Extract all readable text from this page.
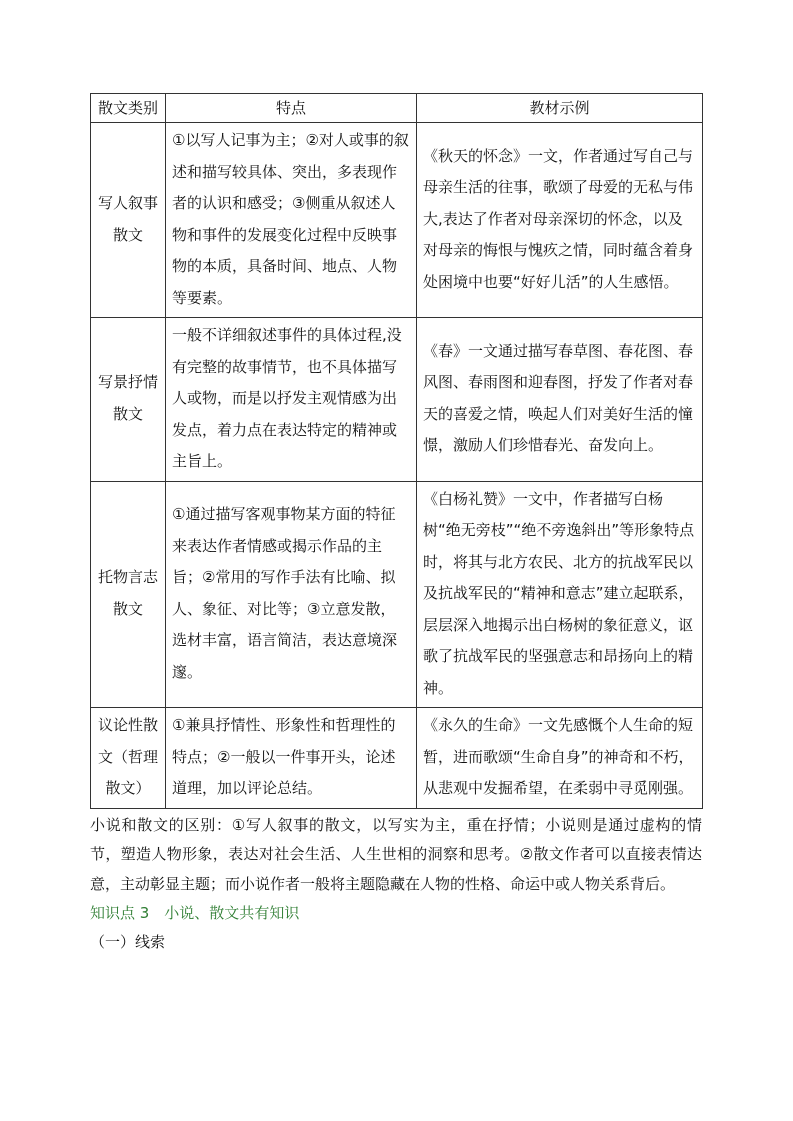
散文类别	特点	教材示例
写人叙事散文	①以写人记事为主；②对人或事的叙述和描写较具体、突出，多表现作者的认识和感受；③侧重从叙述人物和事件的发展变化过程中反映事物的本质，具备时间、地点、人物等要素。	《秋天的怀念》一文，作者通过写自己与母亲生活的往事，歌颂了母爱的无私与伟大,表达了作者对母亲深切的怀念，以及对母亲的悔恨与愧疚之情，同时蕴含着身处困境中也要“好好儿活”的人生感悟。
写景抒情散文	一般不详细叙述事件的具体过程,没有完整的故事情节，也不具体描写人或物，而是以抒发主观情感为出发点，着力点在表达特定的精神或主旨上。	《春》一文通过描写春草图、春花图、春风图、春雨图和迎春图，抒发了作者对春天的喜爱之情，唤起人们对美好生活的憧憬，激励人们珍惜春光、奋发向上。
托物言志散文	①通过描写客观事物某方面的特征来表达作者情感或揭示作品的主旨；②常用的写作手法有比喻、拟人、象征、对比等；③立意发散，选材丰富，语言简洁，表达意境深邃。	《白杨礼赞》一文中，作者描写白杨树“绝无旁枝”“绝不旁逸斜出”等形象特点时，将其与北方农民、北方的抗战军民以及抗战军民的“精神和意志”建立起联系，层层深入地揭示出白杨树的象征意义，讴歌了抗战军民的坚强意志和昂扬向上的精神。
议论性散文（哲理散文）	①兼具抒情性、形象性和哲理性的特点；②一般以一件事开头，论述道理，加以评论总结。	《永久的生命》一文先感慨个人生命的短暂，进而歌颂“生命自身”的神奇和不朽，从悲观中发掘希望，在柔弱中寻觅刚强。

小说和散文的区别：①写人叙事的散文，以写实为主，重在抒情；小说则是通过虚构的情节，塑造人物形象，表达对社会生活、人生世相的洞察和思考。②散文作者可以直接表情达意，主动彰显主题；而小说作者一般将主题隐藏在人物的性格、命运中或人物关系背后。

知识点 3　小说、散文共有知识

（一）线索
